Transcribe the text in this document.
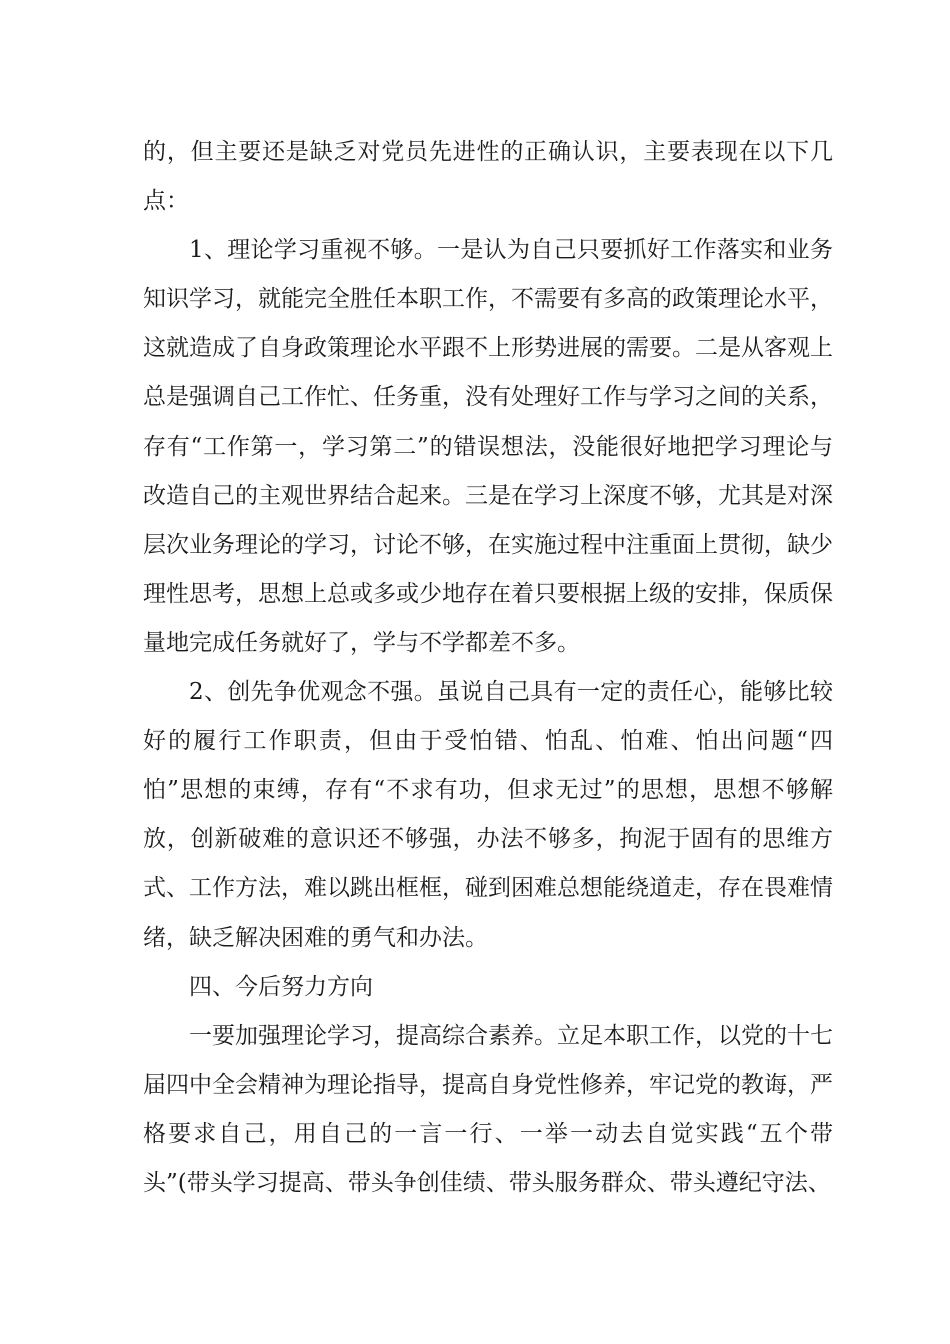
的，但主要还是缺乏对党员先进性的正确认识，主要表现在以下几点：

1、理论学习重视不够。一是认为自己只要抓好工作落实和业务知识学习，就能完全胜任本职工作，不需要有多高的政策理论水平，这就造成了自身政策理论水平跟不上形势进展的需要。二是从客观上总是强调自己工作忙、任务重，没有处理好工作与学习之间的关系，存有“工作第一，学习第二”的错误想法，没能很好地把学习理论与改造自己的主观世界结合起来。三是在学习上深度不够，尤其是对深层次业务理论的学习，讨论不够，在实施过程中注重面上贯彻，缺少理性思考，思想上总或多或少地存在着只要根据上级的安排，保质保量地完成任务就好了，学与不学都差不多。

2、创先争优观念不强。虽说自己具有一定的责任心，能够比较好的履行工作职责，但由于受怕错、怕乱、怕难、怕出问题“四怕”思想的束缚，存有“不求有功，但求无过”的思想，思想不够解放，创新破难的意识还不够强，办法不够多，拘泥于固有的思维方式、工作方法，难以跳出框框，碰到困难总想能绕道走，存在畏难情绪，缺乏解决困难的勇气和办法。

四、今后努力方向

一要加强理论学习，提高综合素养。立足本职工作，以党的十七届四中全会精神为理论指导，提高自身党性修养，牢记党的教诲，严格要求自己，用自己的一言一行、一举一动去自觉实践“五个带头”(带头学习提高、带头争创佳绩、带头服务群众、带头遵纪守法、
